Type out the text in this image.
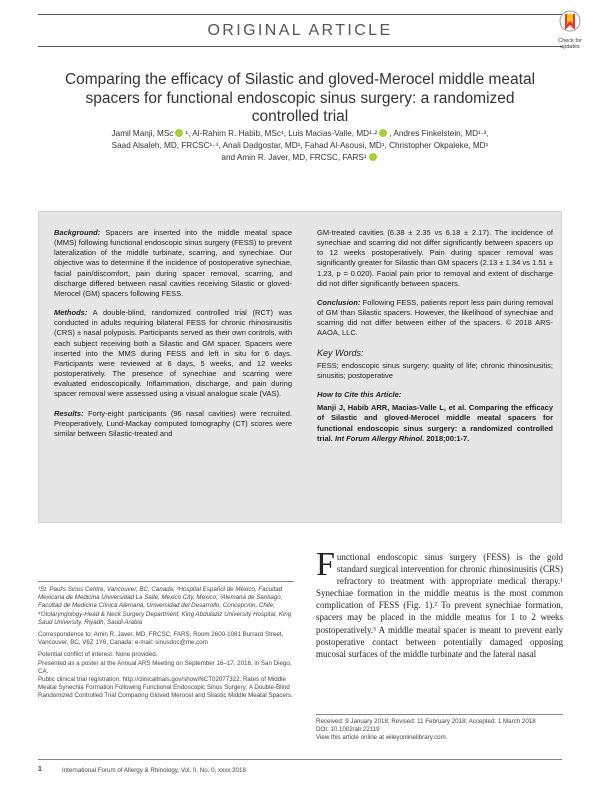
ORIGINAL ARTICLE
Check for updates
Comparing the efficacy of Silastic and gloved-Merocel middle meatal spacers for functional endoscopic sinus surgery: a randomized controlled trial
Jamil Manji, MSc ¹, Al-Rahim R. Habib, MSc¹, Luis Macias-Valle, MD¹·² , Andres Finkelstein, MD¹·³,
Saad Alsaleh, MD, FRCSC¹·⁴, Anali Dadgostar, MD¹, Fahad Al-Asousi, MD¹, Christopher Okpaleke, MD¹
and Amin R. Javer, MD, FRCSC, FARS¹

Background: Spacers are inserted into the middle meatal space (MMS) following functional endoscopic sinus surgery (FESS) to prevent lateralization of the middle turbinate, scarring, and synechiae. Our objective was to determine if the incidence of postoperative synechiae, facial pain/discomfort, pain during spacer removal, scarring, and discharge differed between nasal cavities receiving Silastic or gloved-Merocel (GM) spacers following FESS.

Methods: A double-blind, randomized controlled trial (RCT) was conducted in adults requiring bilateral FESS for chronic rhinosinusitis (CRS) ± nasal polyposis. Participants served as their own controls, with each subject receiving both a Silastic and GM spacer. Spacers were inserted into the MMS during FESS and left in situ for 6 days. Participants were reviewed at 6 days, 5 weeks, and 12 weeks postoperatively. The presence of synechiae and scarring were evaluated endoscopically. Inflammation, discharge, and pain during spacer removal were assessed using a visual analogue scale (VAS).

Results: Forty-eight participants (96 nasal cavities) were recruited. Preoperatively, Lund-Mackay computed tomography (CT) scores were similar between Silastic-treated and

GM-treated cavities (6.38 ± 2.35 vs 6.18 ± 2.17). The incidence of synechiae and scarring did not differ significantly between spacers up to 12 weeks postoperatively. Pain during spacer removal was significantly greater for Silastic than GM spacers (2.13 ± 1.34 vs 1.51 ± 1.23, p = 0.020). Facial pain prior to removal and extent of discharge did not differ significantly between spacers.

Conclusion: Following FESS, patients report less pain during removal of GM than Silastic spacers. However, the likelihood of synechiae and scarring did not differ between either of the spacers. © 2018 ARS-AAOA, LLC.

Key Words:

FESS; endoscopic sinus surgery; quality of life; chronic rhinosinusitis; sinusitis; postoperative

How to Cite this Article:

Manji J, Habib ARR, Macias-Valle L, et al. Comparing the efficacy of Silastic and gloved-Merocel middle meatal spacers for functional endoscopic sinus surgery: a randomized controlled trial. Int Forum Allergy Rhinol. 2018;00:1-7.

¹St. Paul's Sinus Centre, Vancouver, BC, Canada; ²Hospital Español de México, Facultad Mexicana de Medicina Universidad La Salle, Mexico City, Mexico; ³Alemana de Santiago, Facultad de Medicina Clínica Alemana, Universidad del Desarrollo, Concepción, Chile; ⁴Otolaryngology-Head & Neck Surgery Department, King Abdulaziz University Hospital, King Saud University, Riyadh, Saudi Arabia

Correspondence to: Amin R. Javer, MD, FRCSC, FARS, Room 2600-1081 Burrard Street, Vancouver, BC, V6Z 1Y6, Canada; e-mail: sinusdoc@me.com

Potential conflict of interest: None provided.

Presented as a poster at the Annual ARS Meeting on September 16–17, 2016, in San Diego, CA.

Public clinical trial registration: http://clinicaltrials.gov/show/NCT02077322. Rates of Middle Meatal Synechia Formation Following Functional Endoscopic Sinus Surgery: A Double-Blind Randomized Controlled Trial Comparing Gloved Merocel and Silastic Middle Meatal Spacers.

Functional endoscopic sinus surgery (FESS) is the gold standard surgical intervention for chronic rhinosinusitis (CRS) refractory to treatment with appropriate medical therapy.¹ Synechiae formation in the middle meatus is the most common complication of FESS (Fig. 1).² To prevent synechiae formation, spacers may be placed in the middle meatus for 1 to 2 weeks postoperatively.³ A middle meatal spacer is meant to prevent early postoperative contact between potentially damaged opposing mucosal surfaces of the middle turbinate and the lateral nasal
Received: 9 January 2018; Revised: 11 February 2018; Accepted: 1 March 2018
DOI: 10.1002/alr.22119
View this article online at wileyonlinelibrary.com.
1	International Forum of Allergy & Rhinology, Vol. 0, No. 0, xxxx 2018
